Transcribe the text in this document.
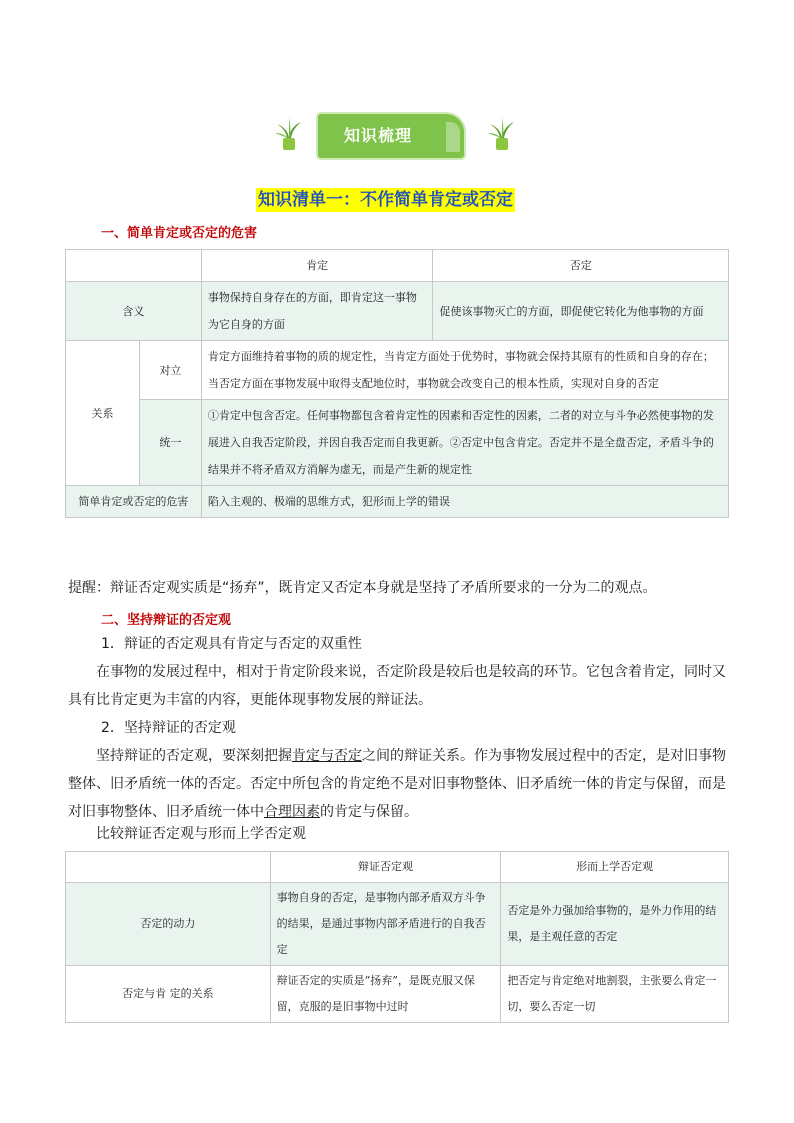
知识梳理
知识清单一：不作简单肯定或否定
一、简单肯定或否定的危害
		肯定	否定
含义		事物保持自身存在的方面，即肯定这一事物为它自身的方面	促使该事物灭亡的方面，即促使它转化为他事物的方面
关系	对立	肯定方面维持着事物的质的规定性，当肯定方面处于优势时，事物就会保持其原有的性质和自身的存在；当否定方面在事物发展中取得支配地位时，事物就会改变自己的根本性质，实现对自身的否定	
	统一	①肯定中包含否定。任何事物都包含着肯定性的因素和否定性的因素，二者的对立与斗争必然使事物的发展进入自我否定阶段，并因自我否定而自我更新。②否定中包含肯定。否定并不是全盘否定，矛盾斗争的结果并不将矛盾双方消解为虚无，而是产生新的规定性	
简单肯定或否定的危害		陷入主观的、极端的思维方式，犯形而上学的错误	
提醒：辩证否定观实质是“扬弃”，既肯定又否定本身就是坚持了矛盾所要求的一分为二的观点。
二、坚持辩证的否定观
1．辩证的否定观具有肯定与否定的双重性
在事物的发展过程中，相对于肯定阶段来说，否定阶段是较后也是较高的环节。它包含着肯定，同时又具有比肯定更为丰富的内容，更能体现事物发展的辩证法。
2．坚持辩证的否定观
坚持辩证的否定观，要深刻把握肯定与否定之间的辩证关系。作为事物发展过程中的否定，是对旧事物整体、旧矛盾统一体的否定。否定中所包含的肯定绝不是对旧事物整体、旧矛盾统一体的肯定与保留，而是对旧事物整体、旧矛盾统一体中合理因素的肯定与保留。
比较辩证否定观与形而上学否定观
	辩证否定观	形而上学否定观
否定的动力	事物自身的否定，是事物内部矛盾双方斗争的结果，是通过事物内部矛盾进行的自我否定	否定是外力强加给事物的，是外力作用的结果，是主观任意的否定
否定与肯 定的关系	辩证否定的实质是“扬弃”，是既克服又保留，克服的是旧事物中过时	把否定与肯定绝对地割裂，主张要么肯定一切，要么否定一切
